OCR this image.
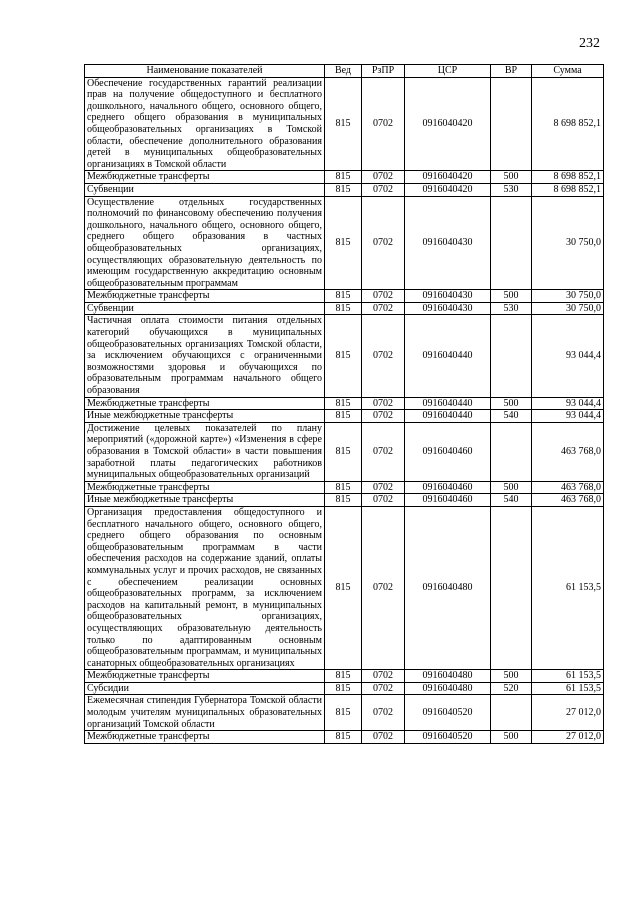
232
Наименование показателей	Вед	РзПР	ЦСР	ВР	Сумма
Обеспечение государственных гарантий реализации прав на получение общедоступного и бесплатного дошкольного, начального общего, основного общего, среднего общего образования в муниципальных общеобразовательных организациях в Томской области, обеспечение дополнительного образования детей в муниципальных общеобразовательных организациях в Томской области	815	0702	0916040420		8 698 852,1
Межбюджетные трансферты	815	0702	0916040420	500	8 698 852,1
Субвенции	815	0702	0916040420	530	8 698 852,1
Осуществление отдельных государственных полномочий по финансовому обеспечению получения дошкольного, начального общего, основного общего, среднего общего образования в частных общеобразовательных организациях, осуществляющих образовательную деятельность по имеющим государственную аккредитацию основным общеобразовательным программам	815	0702	0916040430		30 750,0
Межбюджетные трансферты	815	0702	0916040430	500	30 750,0
Субвенции	815	0702	0916040430	530	30 750,0
Частичная оплата стоимости питания отдельных категорий обучающихся в муниципальных общеобразовательных организациях Томской области, за исключением обучающихся с ограниченными возможностями здоровья и обучающихся по образовательным программам начального общего образования	815	0702	0916040440		93 044,4
Межбюджетные трансферты	815	0702	0916040440	500	93 044,4
Иные межбюджетные трансферты	815	0702	0916040440	540	93 044,4
Достижение целевых показателей по плану мероприятий («дорожной карте») «Изменения в сфере образования в Томской области» в части повышения заработной платы педагогических работников муниципальных общеобразовательных организаций	815	0702	0916040460		463 768,0
Межбюджетные трансферты	815	0702	0916040460	500	463 768,0
Иные межбюджетные трансферты	815	0702	0916040460	540	463 768,0
Организация предоставления общедоступного и бесплатного начального общего, основного общего, среднего общего образования по основным общеобразовательным программам в части обеспечения расходов на содержание зданий, оплаты коммунальных услуг и прочих расходов, не связанных с обеспечением реализации основных общеобразовательных программ, за исключением расходов на капитальный ремонт, в муниципальных общеобразовательных организациях, осуществляющих образовательную деятельность только по адаптированным основным общеобразовательным программам, и муниципальных санаторных общеобразовательных организациях	815	0702	0916040480		61 153,5
Межбюджетные трансферты	815	0702	0916040480	500	61 153,5
Субсидии	815	0702	0916040480	520	61 153,5
Ежемесячная стипендия Губернатора Томской области молодым учителям муниципальных образовательных организаций Томской области	815	0702	0916040520		27 012,0
Межбюджетные трансферты	815	0702	0916040520	500	27 012,0
